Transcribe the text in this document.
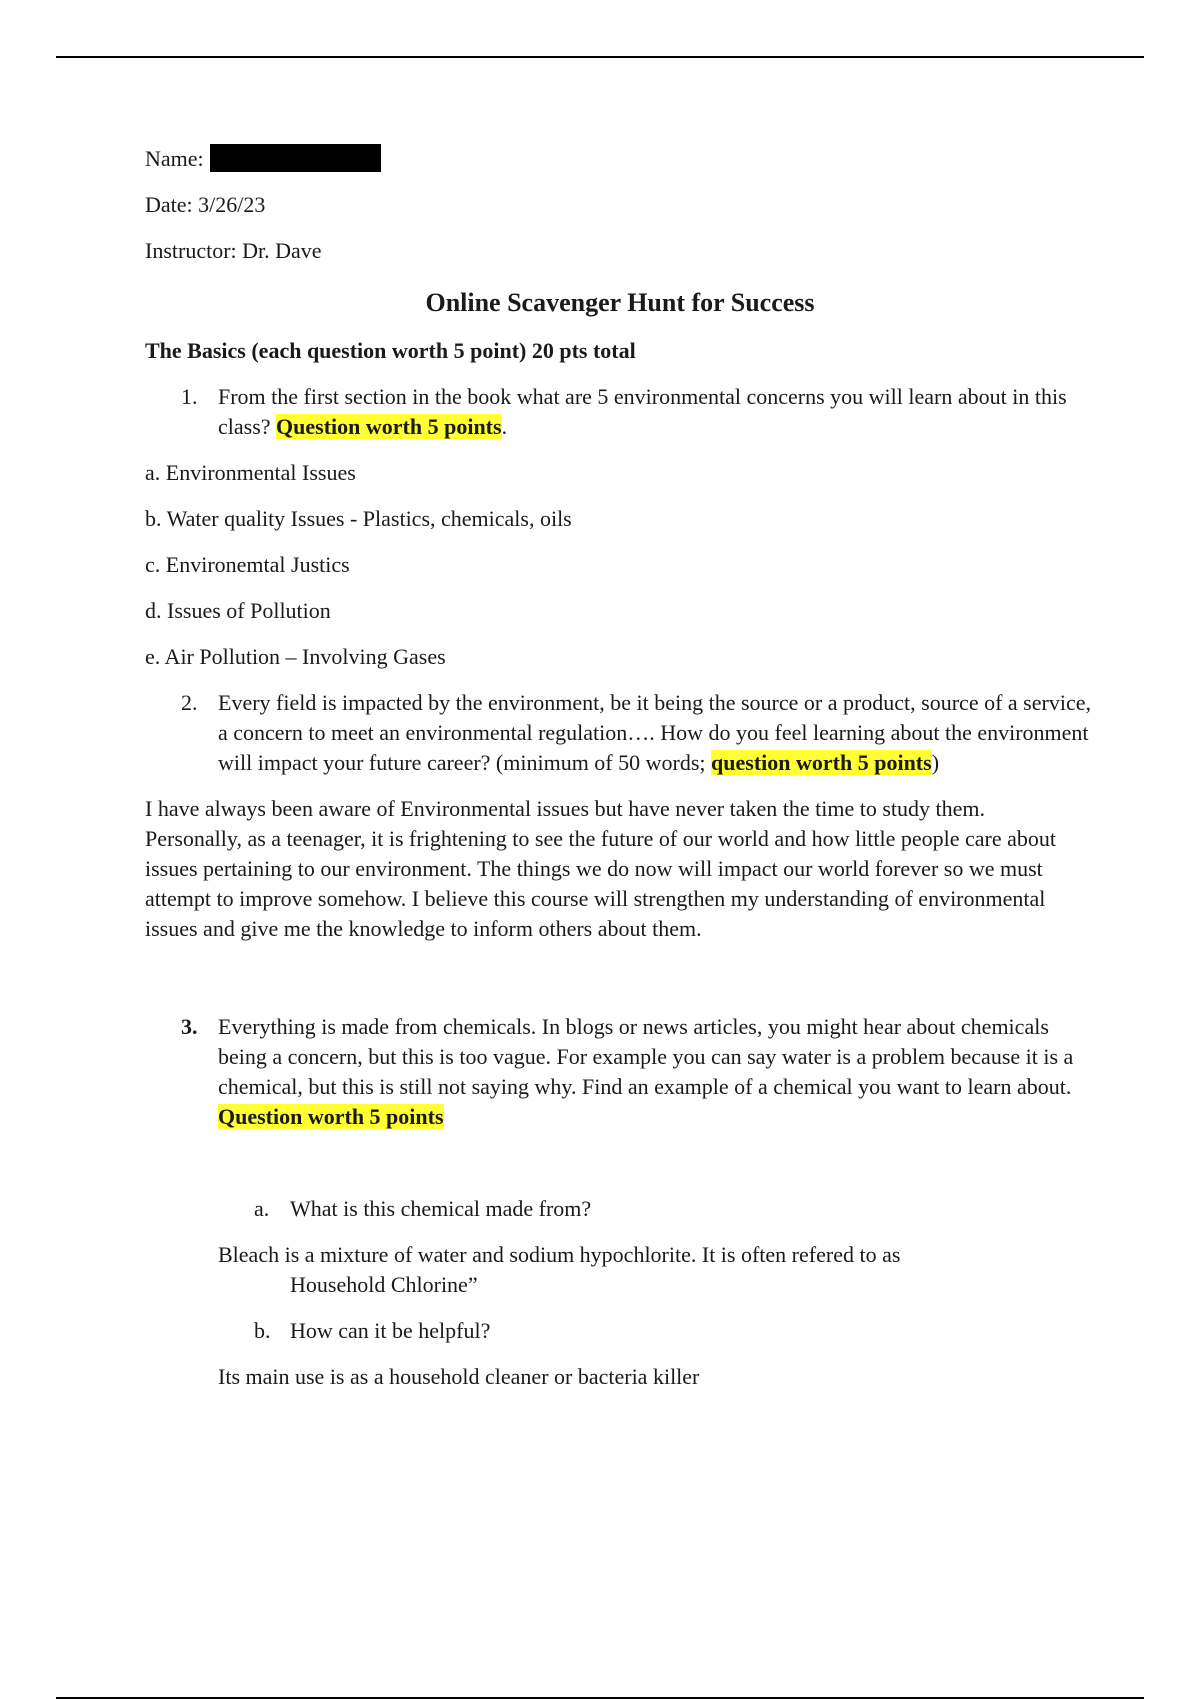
Name:
Date: 3/26/23
Instructor: Dr. Dave
Online Scavenger Hunt for Success
The Basics (each question worth 5 point) 20 pts total
1. From the first section in the book what are 5 environmental concerns you will learn about in this class? Question worth 5 points.
a. Environmental Issues
b. Water quality Issues - Plastics, chemicals, oils
c. Environemtal Justics
d. Issues of Pollution
e. Air Pollution – Involving Gases
2. Every field is impacted by the environment, be it being the source or a product, source of a service, a concern to meet an environmental regulation…. How do you feel learning about the environment will impact your future career? (minimum of 50 words; question worth 5 points)
I have always been aware of Environmental issues but have never taken the time to study them. Personally, as a teenager, it is frightening to see the future of our world and how little people care about issues pertaining to our environment. The things we do now will impact our world forever so we must attempt to improve somehow. I believe this course will strengthen my understanding of environmental issues and give me the knowledge to inform others about them.
3. Everything is made from chemicals. In blogs or news articles, you might hear about chemicals being a concern, but this is too vague. For example you can say water is a problem because it is a chemical, but this is still not saying why. Find an example of a chemical you want to learn about. Question worth 5 points
a. What is this chemical made from?
Bleach is a mixture of water and sodium hypochlorite. It is often refered to as
Household Chlorine”
b. How can it be helpful?
Its main use is as a household cleaner or bacteria killer
